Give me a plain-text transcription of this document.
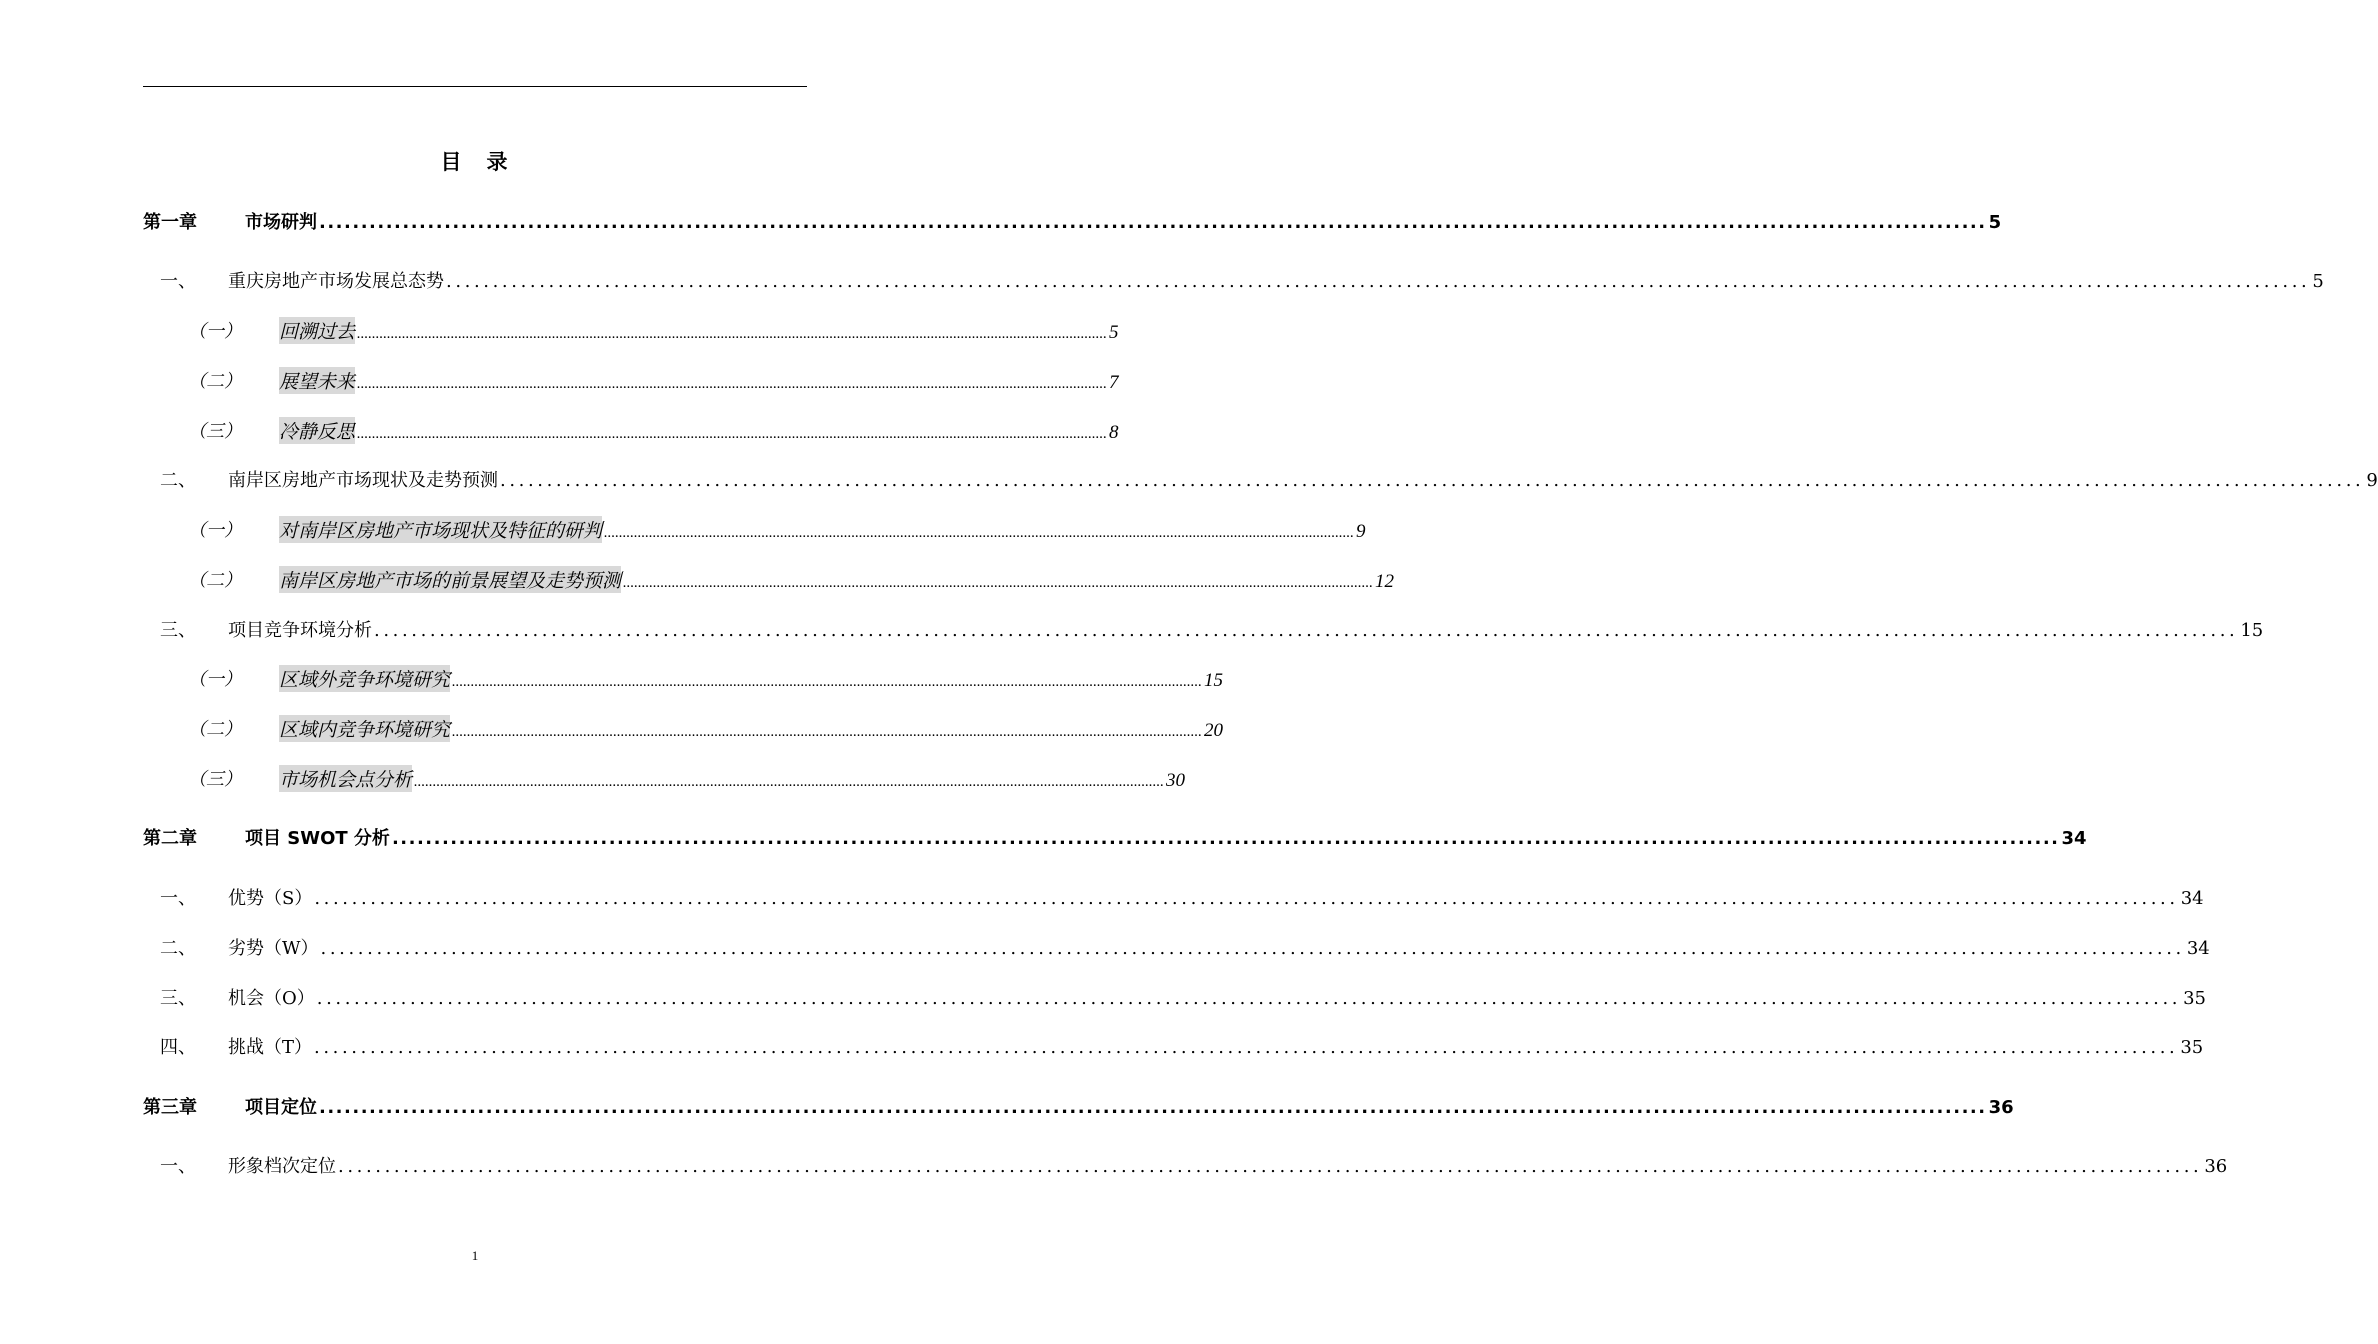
目　录
第一章	市场研判 ........................................................................................................................................................................................................ 5
一、 重庆房地产市场发展总态势 ........................................................................................................................................................................................................ 5
（一） 回溯过去 ........................................................................................................................................................................................................ 5
（二） 展望未来 ........................................................................................................................................................................................................ 7
（三） 冷静反思 ........................................................................................................................................................................................................ 8
二、 南岸区房地产市场现状及走势预测 ........................................................................................................................................................................................................ 9
（一） 对南岸区房地产市场现状及特征的研判 ........................................................................................................................................................................................................ 9
（二） 南岸区房地产市场的前景展望及走势预测 ........................................................................................................................................................................................................ 12
三、 项目竞争环境分析 ........................................................................................................................................................................................................ 15
（一） 区域外竞争环境研究 ........................................................................................................................................................................................................ 15
（二） 区域内竞争环境研究 ........................................................................................................................................................................................................ 20
（三） 市场机会点分析 ........................................................................................................................................................................................................ 30
第二章	项目 SWOT 分析 ........................................................................................................................................................................................................ 34
一、 优势（S） ........................................................................................................................................................................................................ 34
二、 劣势（W） ........................................................................................................................................................................................................ 34
三、 机会（O） ........................................................................................................................................................................................................ 35
四、 挑战（T） ........................................................................................................................................................................................................ 35
第三章	项目定位 ........................................................................................................................................................................................................ 36
一、 形象档次定位 ........................................................................................................................................................................................................ 36
1
